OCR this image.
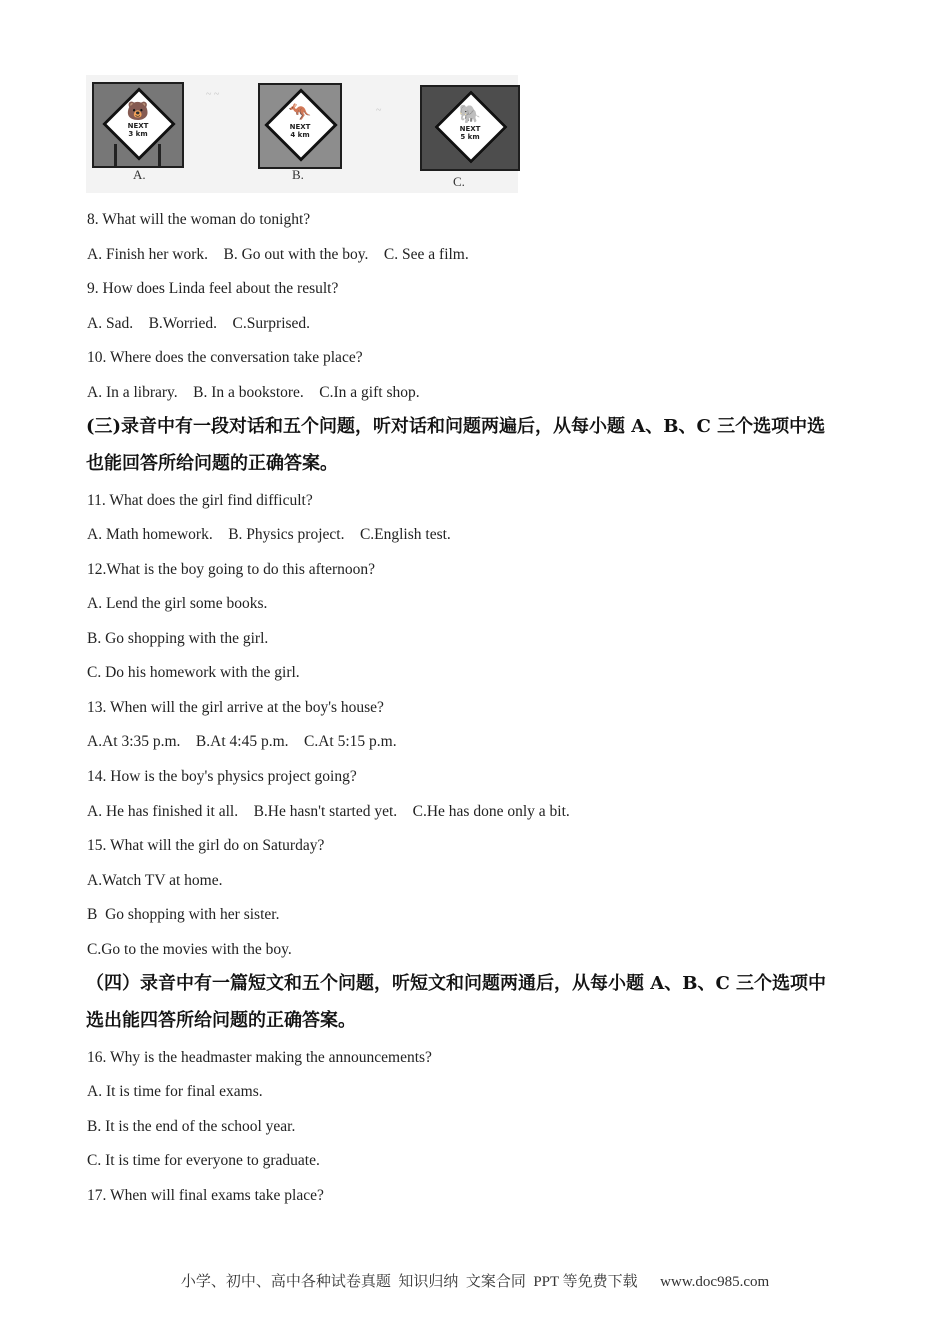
~ ~
~
🐻
NEXT
3 km
A.
🦘
NEXT
4 km
B.
🐘
NEXT
5 km
C.
8. What will the woman do tonight?
A. Finish her work.    B. Go out with the boy.    C. See a film.
9. How does Linda feel about the result?
A. Sad.    B.Worried.    C.Surprised.
10. Where does the conversation take place?
A. In a library.    B. In a bookstore.    C.In a gift shop.
(三)录音中有一段对话和五个问题，听对话和问题两遍后，从每小题 A、B、C 三个选项中选
也能回答所给问题的正确答案。
11. What does the girl find difficult?
A. Math homework.    B. Physics project.    C.English test.
12.What is the boy going to do this afternoon?
A. Lend the girl some books.
B. Go shopping with the girl.
C. Do his homework with the girl.
13. When will the girl arrive at the boy's house?
A.At 3:35 p.m.    B.At 4:45 p.m.    C.At 5:15 p.m.
14. How is the boy's physics project going?
A. He has finished it all.    B.He hasn't started yet.    C.He has done only a bit.
15. What will the girl do on Saturday?
A.Watch TV at home.
B  Go shopping with her sister.
C.Go to the movies with the boy.
（四）录音中有一篇短文和五个问题，听短文和问题两通后，从每小题 A、B、C 三个选项中
选出能四答所给问题的正确答案。
16. Why is the headmaster making the announcements?
A. It is time for final exams.
B. It is the end of the school year.
C. It is time for everyone to graduate.
17. When will final exams take place?
小学、初中、高中各种试卷真题  知识归纳  文案合同  PPT 等免费下载      www.doc985.com
